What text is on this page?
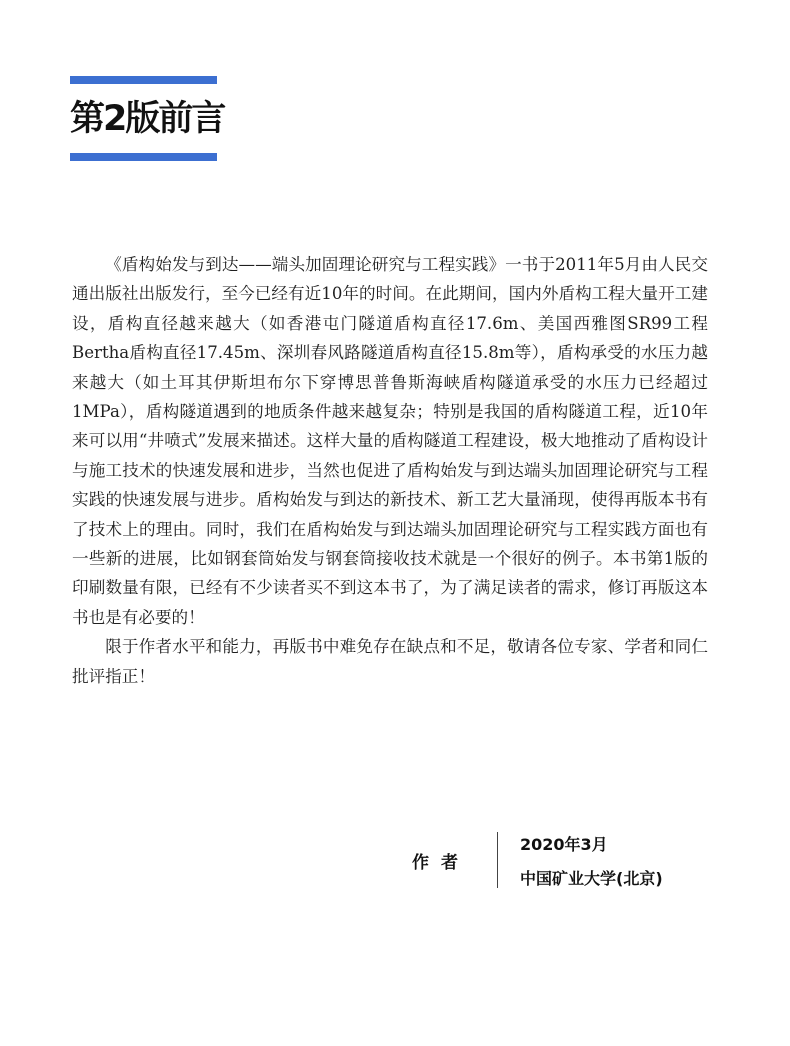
第2版前言

《盾构始发与到达——端头加固理论研究与工程实践》一书于2011年5月由人民交通出版社出版发行，至今已经有近10年的时间。在此期间，国内外盾构工程大量开工建设，盾构直径越来越大（如香港屯门隧道盾构直径17.6m、美国西雅图SR99工程Bertha盾构直径17.45m、深圳春风路隧道盾构直径15.8m等），盾构承受的水压力越来越大（如土耳其伊斯坦布尔下穿博思普鲁斯海峡盾构隧道承受的水压力已经超过1MPa），盾构隧道遇到的地质条件越来越复杂；特别是我国的盾构隧道工程，近10年来可以用“井喷式”发展来描述。这样大量的盾构隧道工程建设，极大地推动了盾构设计与施工技术的快速发展和进步，当然也促进了盾构始发与到达端头加固理论研究与工程实践的快速发展与进步。盾构始发与到达的新技术、新工艺大量涌现，使得再版本书有了技术上的理由。同时，我们在盾构始发与到达端头加固理论研究与工程实践方面也有一些新的进展，比如钢套筒始发与钢套筒接收技术就是一个很好的例子。本书第1版的印刷数量有限，已经有不少读者买不到这本书了，为了满足读者的需求，修订再版这本书也是有必要的！

限于作者水平和能力，再版书中难免存在缺点和不足，敬请各位专家、学者和同仁批评指正！

作者
2020年3月
中国矿业大学(北京)
